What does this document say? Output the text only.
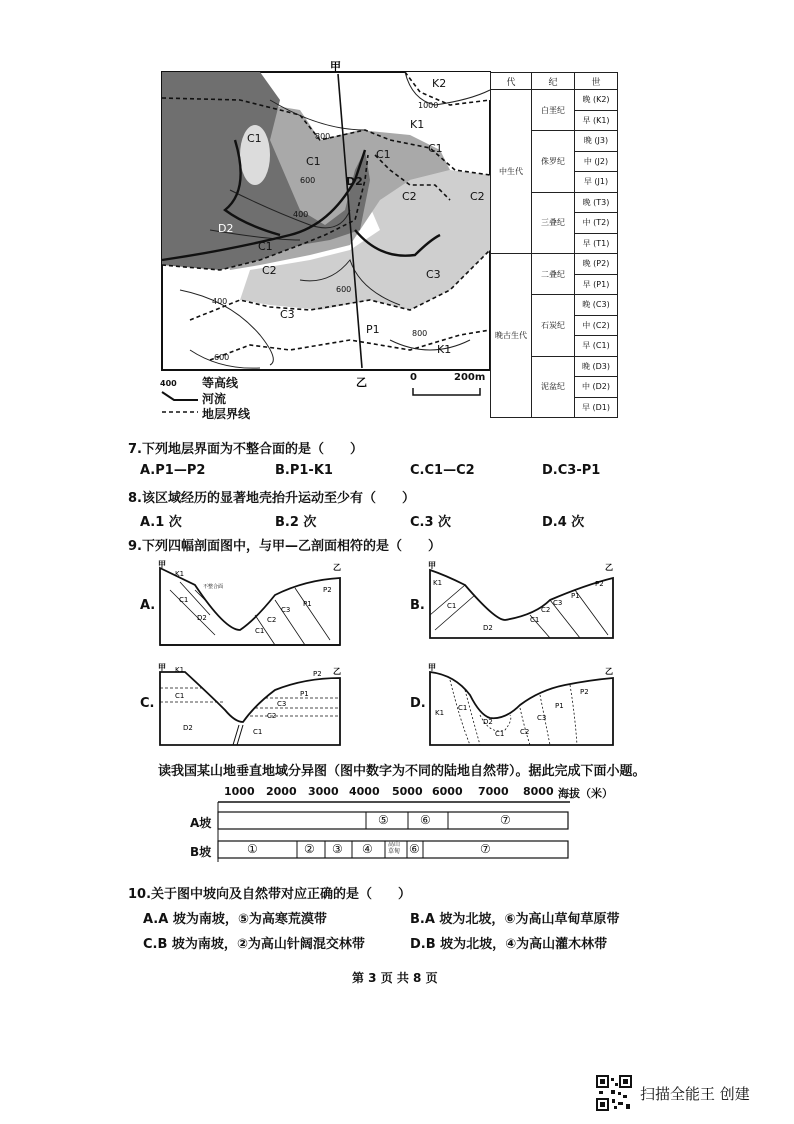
甲
乙
K2
K1
C1
C1
C1	C1
C1
D2
D2
C2	C2
C2	C3
C3
P1
K1
1000
800
600
400
600
400
800
600
0	200m
400 等高线
河流
地层界线
代	纪	世
中生代	白垩纪	晚 (K2)
		早 (K1)
	侏罗纪	晚 (J3)
		中 (J2)
		早 (J1)
	三叠纪	晚 (T3)
		中 (T2)
		早 (T1)
晚古生代	二叠纪	晚 (P2)
		早 (P1)
	石炭纪	晚 (C3)
		中 (C2)
		早 (C1)
	泥盆纪	晚 (D3)
		中 (D2)
		早 (D1)
7.下列地层界面为不整合面的是（　　）
A.P1—P2	B.P1-K1	C.C1—C2	D.C3-P1
8.该区域经历的显著地壳抬升运动至少有（　　）
A.1 次	B.2 次	C.3 次	D.4 次
9.下列四幅剖面图中，与甲—乙剖面相符的是（　　）
A.
甲	乙
不整合面
K1
C1
D2
C1
C2
C3
P1
P2
B.
甲	乙
K1
C1
D2
C1
C2
C3
P1
P2
C.
甲	乙
K1
C1
D2	C1
C2
C3
P1
P2
D.
甲	乙
K1
C1
D2
C1 C2
C3
P1
P2
读我国某山地垂直地域分异图（图中数字为不同的陆地自然带）。据此完成下面小题。
1000 2000 3000 4000 5000 6000 7000 8000 海拔（米）
A坡
B坡
⑤	⑥	⑦
①	② ③ ④	高山
草甸 ⑥	⑦
10.关于图中坡向及自然带对应正确的是（　　）
A.A 坡为南坡，⑤为高寒荒漠带	B.A 坡为北坡，⑥为高山草甸草原带
C.B 坡为南坡，②为高山针阔混交林带	D.B 坡为北坡，④为高山灌木林带
第 3 页 共 8 页
扫描全能王 创建
